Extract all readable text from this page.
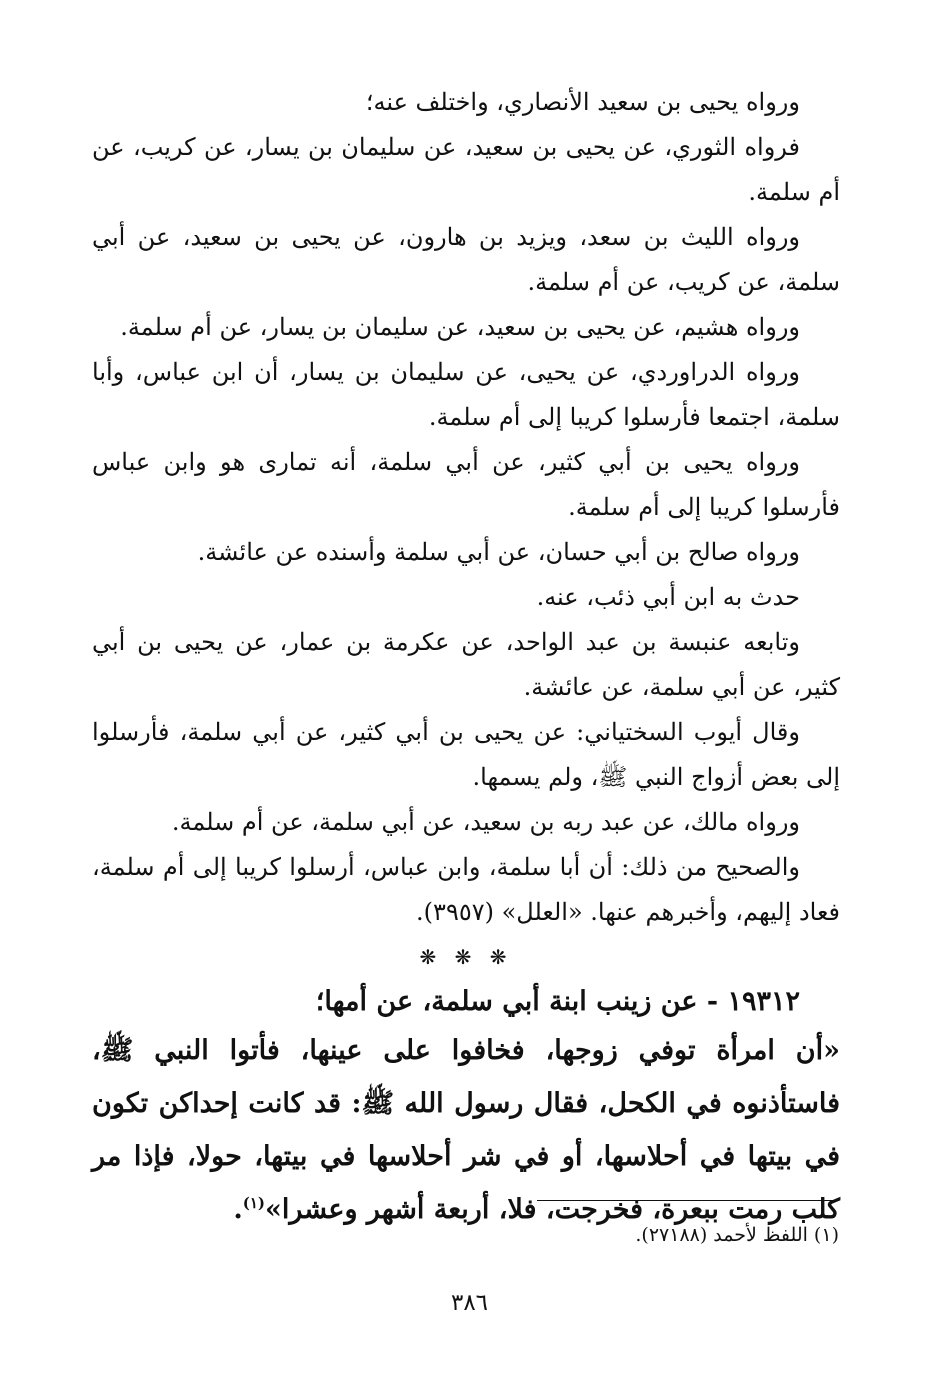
ورواه يحيى بن سعيد الأنصاري، واختلف عنه؛

فرواه الثوري، عن يحيى بن سعيد، عن سليمان بن يسار، عن كريب، عن أم سلمة.

ورواه الليث بن سعد، ويزيد بن هارون، عن يحيى بن سعيد، عن أبي سلمة، عن كريب، عن أم سلمة.

ورواه هشيم، عن يحيى بن سعيد، عن سليمان بن يسار، عن أم سلمة.

ورواه الدراوردي، عن يحيى، عن سليمان بن يسار، أن ابن عباس، وأبا سلمة، اجتمعا فأرسلوا كريبا إلى أم سلمة.

ورواه يحيى بن أبي كثير، عن أبي سلمة، أنه تمارى هو وابن عباس فأرسلوا كريبا إلى أم سلمة.

ورواه صالح بن أبي حسان، عن أبي سلمة وأسنده عن عائشة.

حدث به ابن أبي ذئب، عنه.

وتابعه عنبسة بن عبد الواحد، عن عكرمة بن عمار، عن يحيى بن أبي كثير، عن أبي سلمة، عن عائشة.

وقال أيوب السختياني: عن يحيى بن أبي كثير، عن أبي سلمة، فأرسلوا إلى بعض أزواج النبي ﷺ، ولم يسمها.

ورواه مالك، عن عبد ربه بن سعيد، عن أبي سلمة، عن أم سلمة.

والصحيح من ذلك: أن أبا سلمة، وابن عباس، أرسلوا كريبا إلى أم سلمة، فعاد إليهم، وأخبرهم عنها. «العلل» (٣٩٥٧).

❋ ❋ ❋

١٩٣١٢ - عن زينب ابنة أبي سلمة، عن أمها؛

«أن امرأة توفي زوجها، فخافوا على عينها، فأتوا النبي ﷺ، فاستأذنوه في الكحل، فقال رسول الله ﷺ: قد كانت إحداكن تكون في بيتها في أحلاسها، أو في شر أحلاسها في بيتها، حولا، فإذا مر كلب رمت ببعرة، فخرجت، فلا، أربعة أشهر وعشرا»$^{(١)}$.

(١) اللفظ لأحمد (٢٧١٨٨).

٣٨٦
